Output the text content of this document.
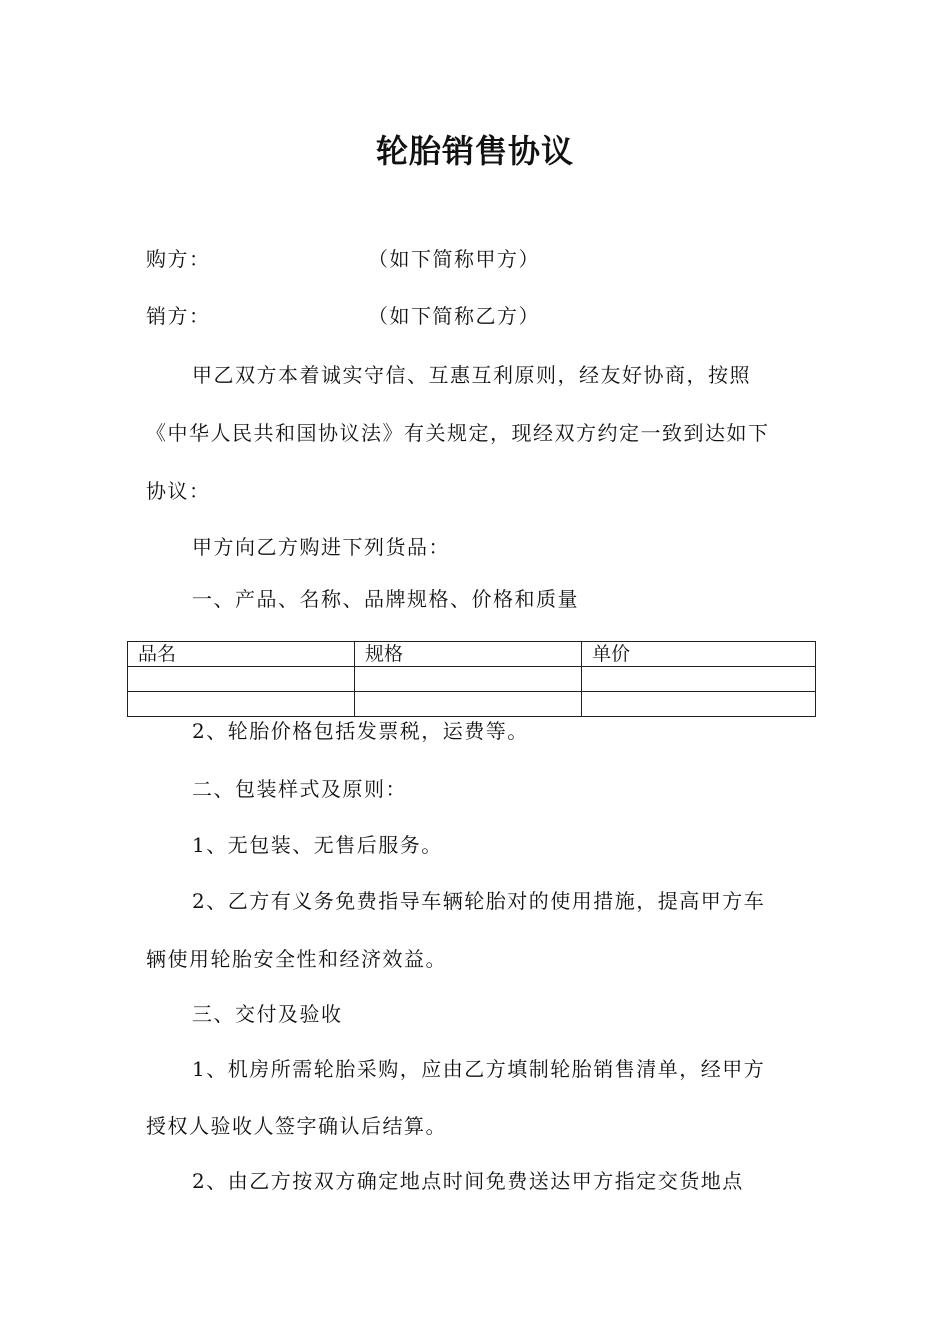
轮胎销售协议
购方：	（如下简称甲方）
销方：	（如下简称乙方）
甲乙双方本着诚实守信、互惠互利原则，经友好协商，按照
《中华人民共和国协议法》有关规定，现经双方约定一致到达如下
协议：
甲方向乙方购进下列货品：
一、产品、名称、品牌规格、价格和质量
品名	规格	单价

2、轮胎价格包括发票税，运费等。
二、包装样式及原则：
1、无包装、无售后服务。
2、乙方有义务免费指导车辆轮胎对的使用措施，提高甲方车
辆使用轮胎安全性和经济效益。
三、交付及验收
1、机房所需轮胎采购，应由乙方填制轮胎销售清单，经甲方
授权人验收人签字确认后结算。
2、由乙方按双方确定地点时间免费送达甲方指定交货地点
